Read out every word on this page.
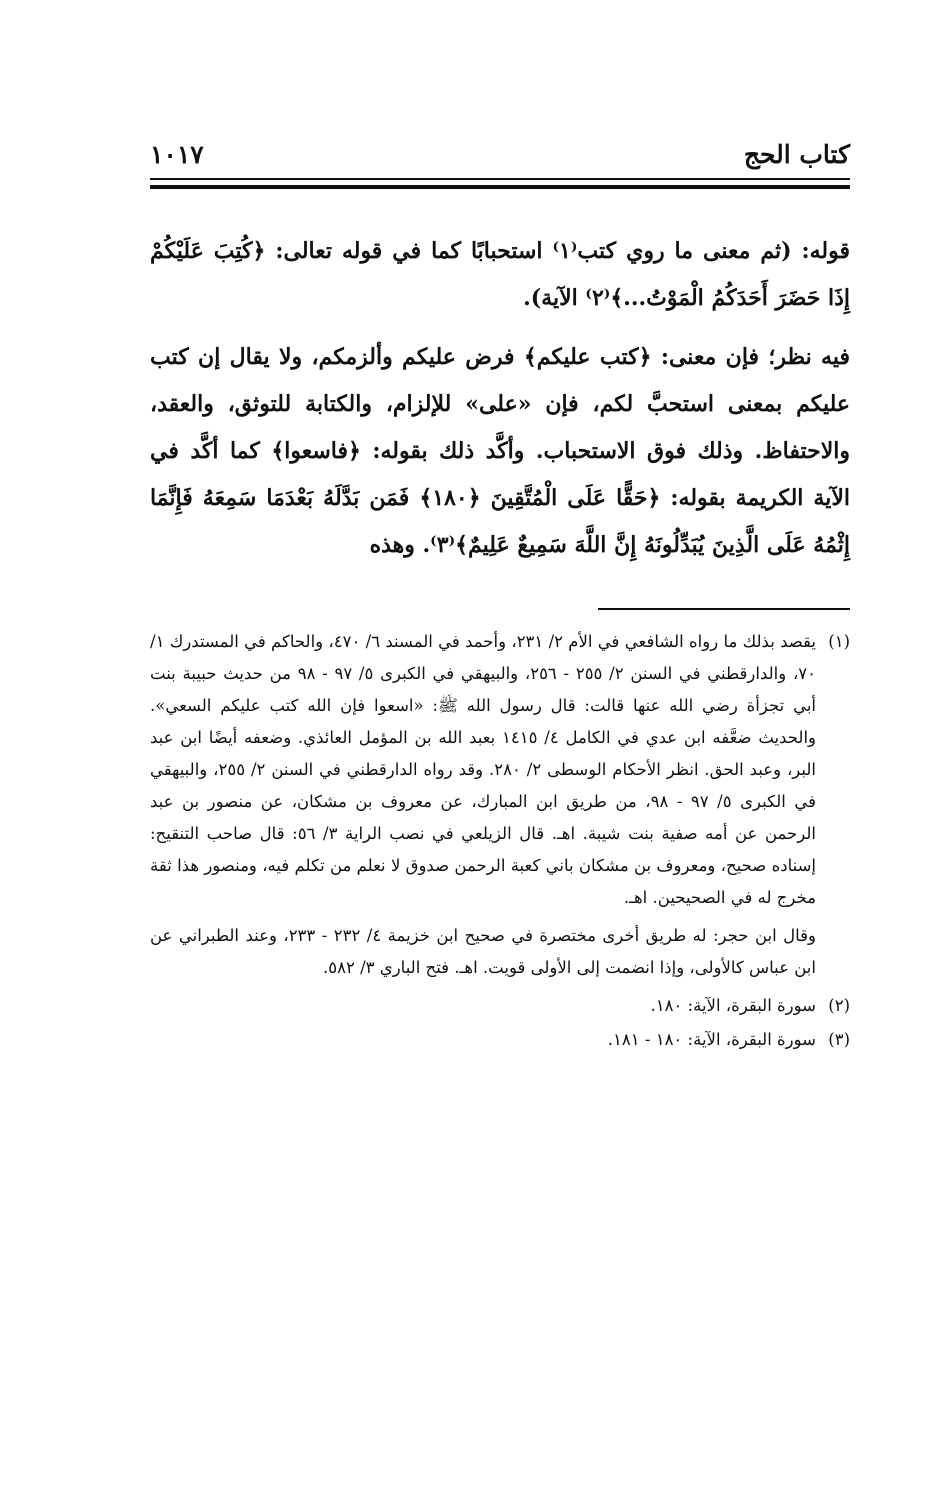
كتاب الحج
١٠١٧

قوله: (ثم معنى ما روي كتب⁽١⁾ استحبابًا كما في قوله تعالى: ﴿كُتِبَ عَلَيْكُمْ إِذَا حَضَرَ أَحَدَكُمُ الْمَوْتُ...﴾⁽٢⁾ الآية).

فيه نظر؛ فإن معنى: ﴿كتب عليكم﴾ فرض عليكم وألزمكم، ولا يقال إن كتب عليكم بمعنى استحبَّ لكم، فإن «على» للإلزام، والكتابة للتوثق، والعقد، والاحتفاظ. وذلك فوق الاستحباب. وأكَّد ذلك بقوله: ﴿فاسعوا﴾ كما أكَّد في الآية الكريمة بقوله: ﴿حَقًّا عَلَى الْمُتَّقِينَ ﴿١٨٠﴾ فَمَن بَدَّلَهُ بَعْدَمَا سَمِعَهُ فَإِنَّمَا إِثْمُهُ عَلَى الَّذِينَ يُبَدِّلُونَهُ إِنَّ اللَّهَ سَمِيعٌ عَلِيمٌ﴾⁽٣⁾. وهذه

(١)

يقصد بذلك ما رواه الشافعي في الأم ٢/ ٢٣١، وأحمد في المسند ٦/ ٤٧٠، والحاكم في المستدرك ١/ ٧٠، والدارقطني في السنن ٢/ ٢٥٥ - ٢٥٦، والبيهقي في الكبرى ٥/ ٩٧ - ٩٨ من حديث حبيبة بنت أبي تجزأة رضي الله عنها قالت: قال رسول الله ﷺ: «اسعوا فإن الله كتب عليكم السعي». والحديث ضعَّفه ابن عدي في الكامل ٤/ ١٤١٥ بعبد الله بن المؤمل العائذي. وضعفه أيضًا ابن عبد البر، وعبد الحق. انظر الأحكام الوسطى ٢/ ٢٨٠. وقد رواه الدارقطني في السنن ٢/ ٢٥٥، والبيهقي في الكبرى ٥/ ٩٧ - ٩٨، من طريق ابن المبارك، عن معروف بن مشكان، عن منصور بن عبد الرحمن عن أمه صفية بنت شيبة. اهـ. قال الزيلعي في نصب الراية ٣/ ٥٦: قال صاحب التنقيح: إسناده صحيح، ومعروف بن مشكان باني كعبة الرحمن صدوق لا نعلم من تكلم فيه، ومنصور هذا ثقة مخرج له في الصحيحين. اهـ.

وقال ابن حجر: له طريق أخرى مختصرة في صحيح ابن خزيمة ٤/ ٢٣٢ - ٢٣٣، وعند الطبراني عن ابن عباس كالأولى، وإذا انضمت إلى الأولى قويت. اهـ. فتح الباري ٣/ ٥٨٢.

(٢)

سورة البقرة، الآية: ١٨٠.

(٣)

سورة البقرة، الآية: ١٨٠ - ١٨١.
